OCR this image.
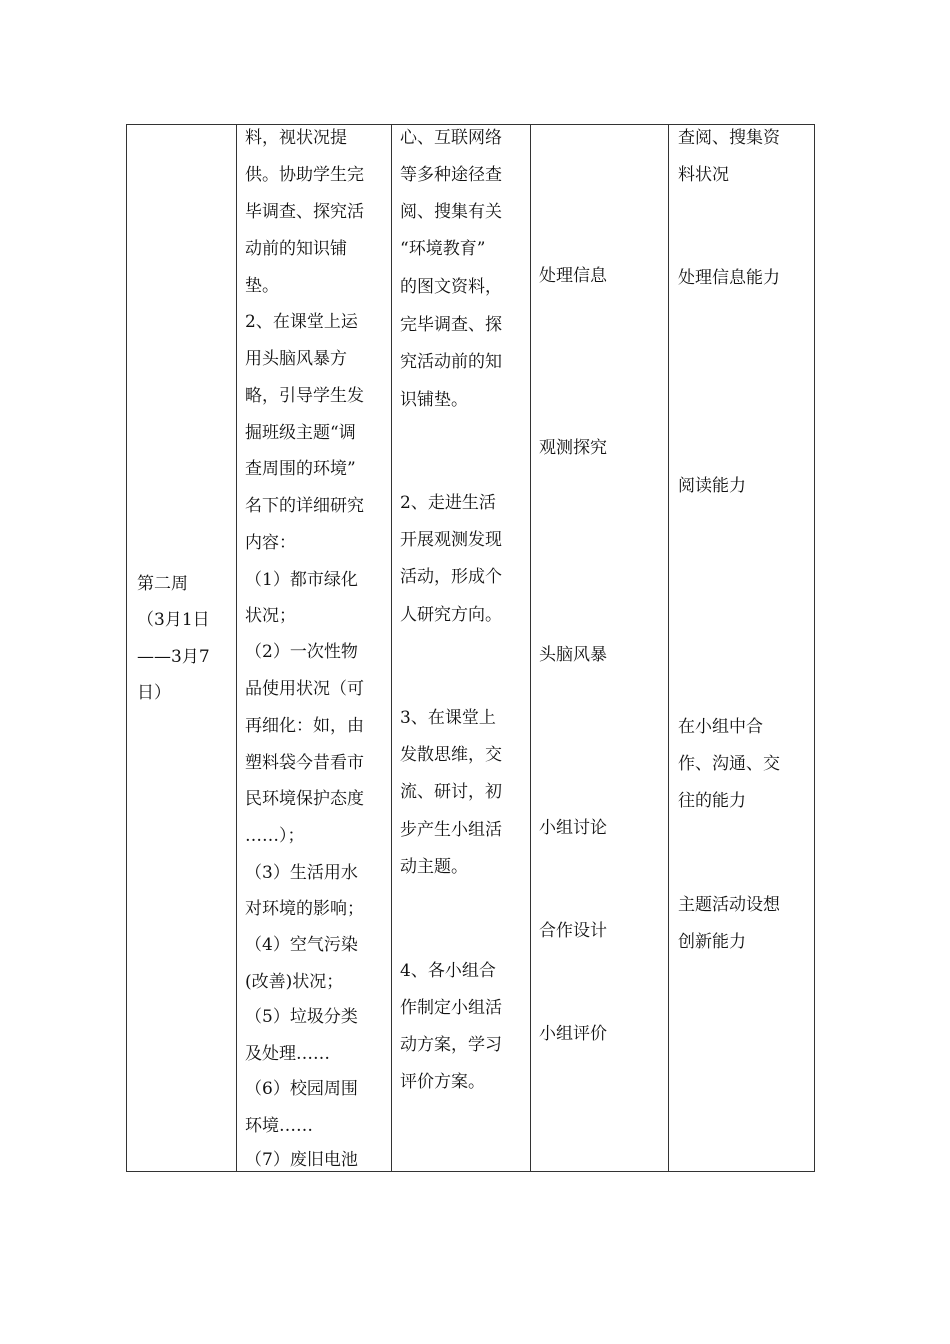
第二周
（3月1日
——3月7
日）
料，视状况提
供。协助学生完
毕调查、探究活
动前的知识铺
垫。
2、在课堂上运
用头脑风暴方
略，引导学生发
掘班级主题“调
查周围的环境”
名下的详细研究
内容：
（1）都市绿化
状况；
（2）一次性物
品使用状况（可
再细化：如，由
塑料袋今昔看市
民环境保护态度
……）；
（3）生活用水
对环境的影响；
（4）空气污染
(改善)状况；
（5）垃圾分类
及处理……
（6）校园周围
环境……
（7）废旧电池
心、互联网络
等多种途径查
阅、搜集有关
“环境教育”
的图文资料，
完毕调查、探
究活动前的知
识铺垫。
2、走进生活
开展观测发现
活动，形成个
人研究方向。
3、在课堂上
发散思维，交
流、研讨，初
步产生小组活
动主题。
4、各小组合
作制定小组活
动方案，学习
评价方案。
处理信息
观测探究
头脑风暴
小组讨论
合作设计
小组评价
查阅、搜集资
料状况
处理信息能力
阅读能力
在小组中合
作、沟通、交
往的能力
主题活动设想
创新能力
